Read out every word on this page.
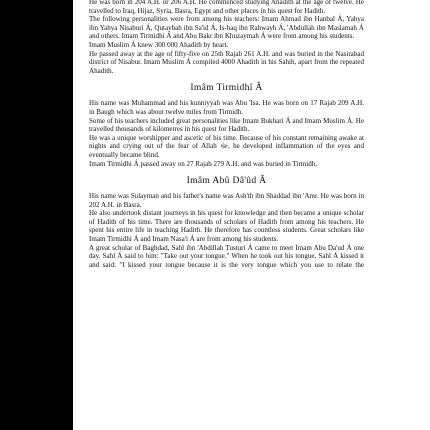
He was born in 204 A.H. or 206 A.H. He commenced studying Ahadith at the age of twelve. He travelled to Iraq, Hijaz, Syria, Basra, Egypt and other places in his quest for Hadith.

The following personalities were from among his teachers: Imam Ahmad ibn Hanbal Á, Yahya ibn Yahya Nisaburi Á, Qutaybah ibn Sa'id Á, Is-haq ibn Rahwayh Á, 'Abdullah ibn Maslamah Á and others. Imam Tirmidhi Á and Abu Bakr ibn Khuzaymah Á were from among his students.

Imam Muslim Á knew 300 000 Ahadith by heart.

He passed away at the age of fifty-five on 25th Rajab 261 A.H. and was buried in the Nasirabad district of Nisabur. Imam Muslim Á compiled 4000 Ahadith in his Sahih, apart from the repeated Ahadith.

Imâm Tirmidhî Â

His name was Muhammad and his kunniyyah was Abu 'Isa. He was born on 17 Rajab 209 A.H. in Baugh which was about twelve miles from Tirmidh.

Some of his teachers included great personalities like Imam Bukhari Á and Imam Muslim Á. He travelled thousands of kilometres in his quest for Hadith.

He was a unique worshipper and ascetic of his time. Because of his constant remaining awake at nights and crying out of the fear of Allah ﷻ, he developed inflammation of the eyes and eventually became blind.

Imam Tirmidhi Á passed away on 27 Rajab 279 A.H. and was buried in Tirmidh.

Imâm Abû Dâ'ûd Â

His name was Sulayman and his father's name was Ash'th ibn Shaddad ibn 'Amr. He was born in 202 A.H. in Basra.

He also undertook distant journeys in his quest for knowledge and then became a unique scholar of Hadith of his time. There are thousands of scholars of Hadith from among his teachers. He spent his entire life in teaching Hadith. He therefore has countless students. Great scholars like Imam Tirmidhi Á and Imam Nasa'i Á are from among his students.

A great scholar of Baghdad, Sahl ibn 'Abdillah Tusturi Á came to meet Imam Abu Da'ud Á one day. Sahl Á said to him: "Take out your tongue." When he took out his tongue, Sahl Á kissed it and said: "I kissed your tongue because it is the very tongue which you use to relate the
